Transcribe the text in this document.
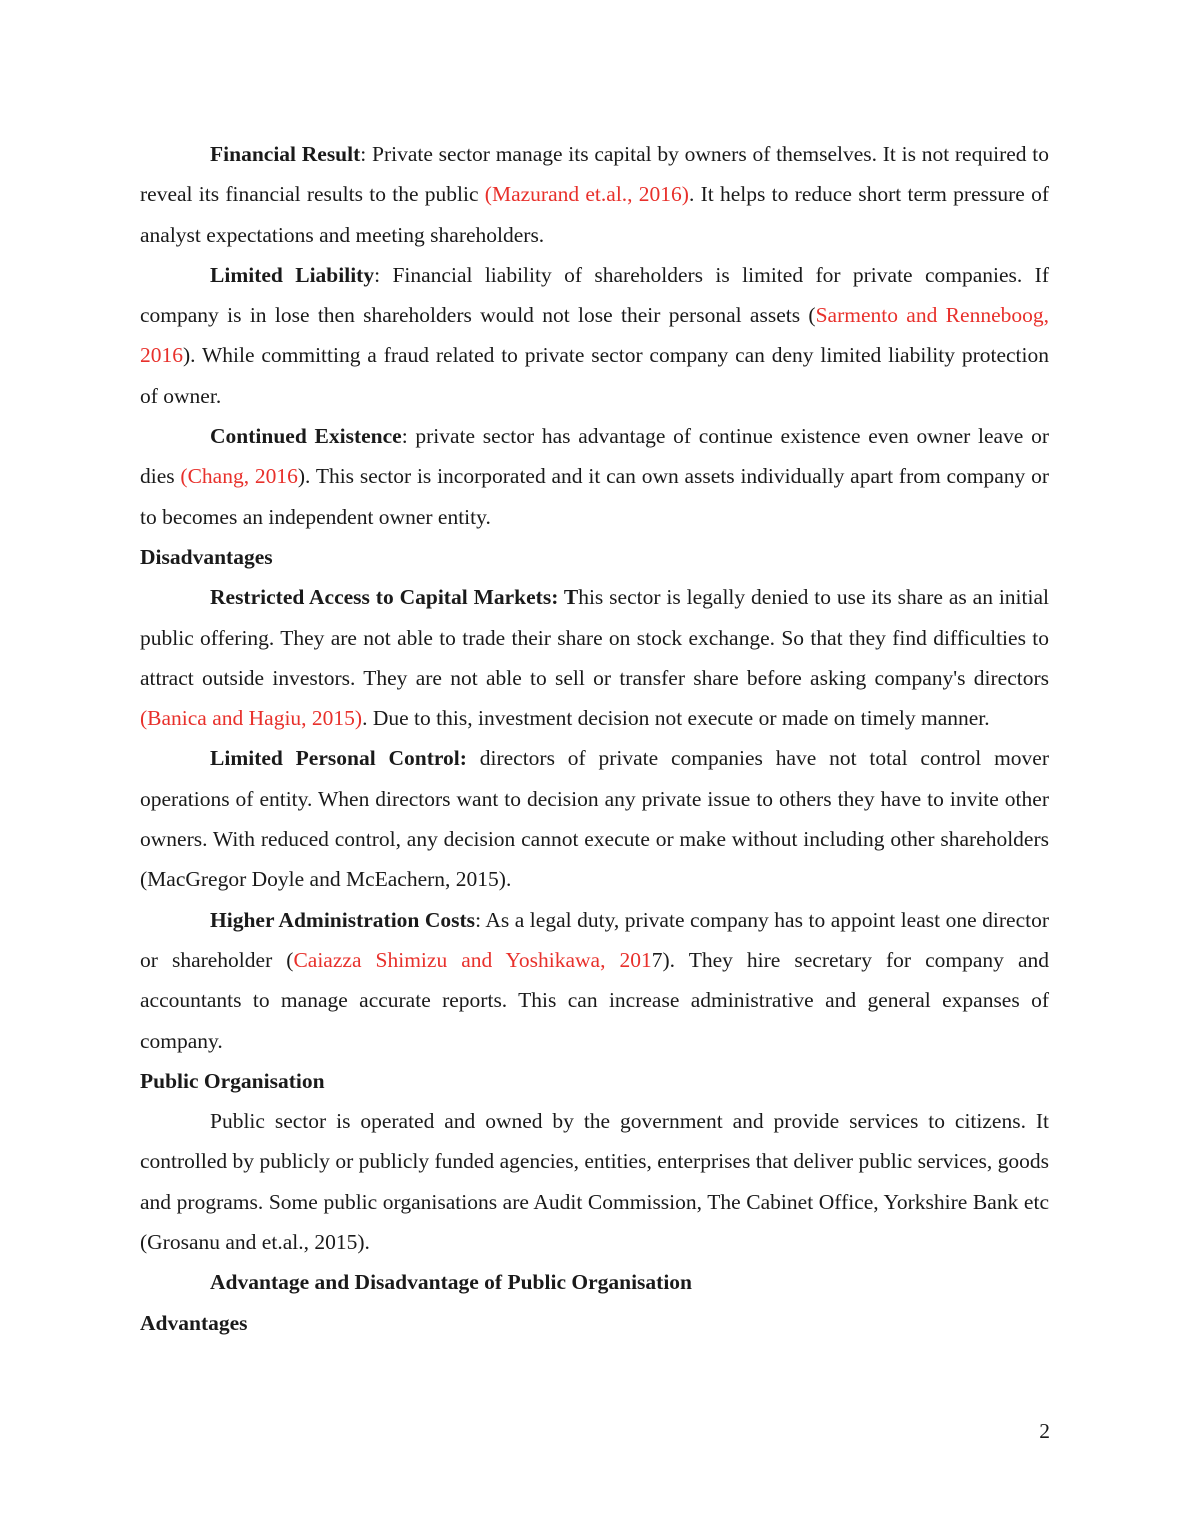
Financial Result: Private sector manage its capital by owners of themselves. It is not required to reveal its financial results to the public (Mazurand et.al., 2016). It helps to reduce short term pressure of analyst expectations and meeting shareholders.

Limited Liability: Financial liability of shareholders is limited for private companies. If company is in lose then shareholders would not lose their personal assets (Sarmento and Renneboog, 2016). While committing a fraud related to private sector company can deny limited liability protection of owner.

Continued Existence: private sector has advantage of continue existence even owner leave or dies (Chang, 2016). This sector is incorporated and it can own assets individually apart from company or to becomes an independent owner entity.

Disadvantages

Restricted Access to Capital Markets: This sector is legally denied to use its share as an initial public offering. They are not able to trade their share on stock exchange. So that they find difficulties to attract outside investors. They are not able to sell or transfer share before asking company's directors (Banica and Hagiu, 2015). Due to this, investment decision not execute or made on timely manner.

Limited Personal Control: directors of private companies have not total control mover operations of entity. When directors want to decision any private issue to others they have to invite other owners. With reduced control, any decision cannot execute or make without including other shareholders (MacGregor Doyle and McEachern, 2015).

Higher Administration Costs: As a legal duty, private company has to appoint least one director or shareholder (Caiazza Shimizu and Yoshikawa, 2017). They hire secretary for company and accountants to manage accurate reports. This can increase administrative and general expanses of company.

Public Organisation

Public sector is operated and owned by the government and provide services to citizens. It controlled by publicly or publicly funded agencies, entities, enterprises that deliver public services, goods and programs. Some public organisations are Audit Commission, The Cabinet Office, Yorkshire Bank etc (Grosanu and et.al., 2015).

Advantage and Disadvantage of Public Organisation

Advantages

2
